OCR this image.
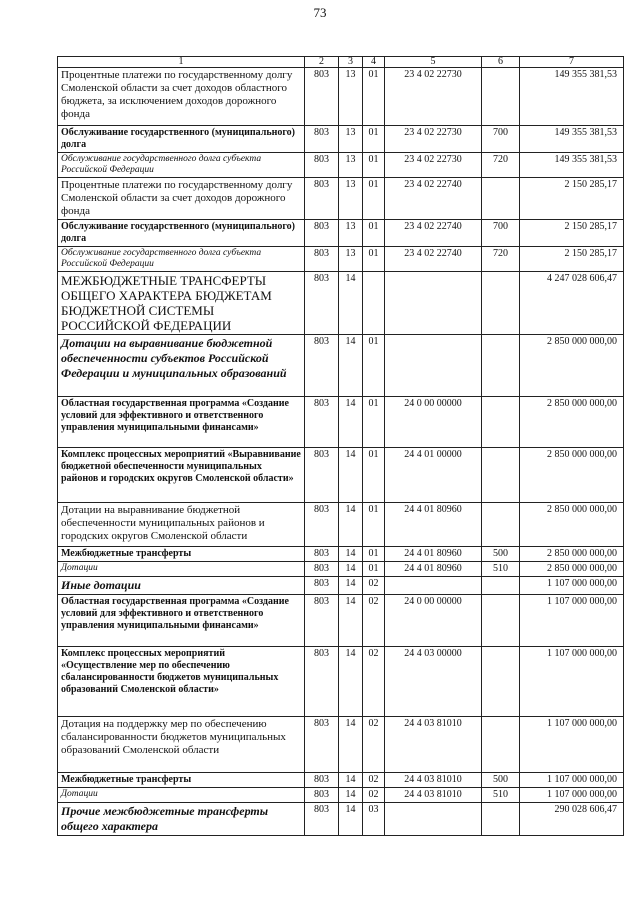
73
1	2	3	4	5	6	7
Процентные платежи по государственному долгу Смоленской области за счет доходов областного бюджета, за исключением доходов дорожного фонда	803	13	01	23 4 02 22730		149 355 381,53
Обслуживание государственного (муниципального) долга	803	13	01	23 4 02 22730	700	149 355 381,53
Обслуживание государственного долга субъекта Российской Федерации	803	13	01	23 4 02 22730	720	149 355 381,53
Процентные платежи по государственному долгу Смоленской области за счет доходов дорожного фонда	803	13	01	23 4 02 22740		2 150 285,17
Обслуживание государственного (муниципального) долга	803	13	01	23 4 02 22740	700	2 150 285,17
Обслуживание государственного долга субъекта Российской Федерации	803	13	01	23 4 02 22740	720	2 150 285,17
МЕЖБЮДЖЕТНЫЕ ТРАНСФЕРТЫ ОБЩЕГО ХАРАКТЕРА БЮДЖЕТАМ БЮДЖЕТНОЙ СИСТЕМЫ РОССИЙСКОЙ ФЕДЕРАЦИИ	803	14				4 247 028 606,47
Дотации на выравнивание бюджетной обеспеченности субъектов Российской Федерации и муниципальных образований	803	14	01			2 850 000 000,00
Областная государственная программа «Создание условий для эффективного и ответственного управления муниципальными финансами»	803	14	01	24 0 00 00000		2 850 000 000,00
Комплекс процессных мероприятий «Выравнивание бюджетной обеспеченности муниципальных районов и городских округов Смоленской области»	803	14	01	24 4 01 00000		2 850 000 000,00
Дотации на выравнивание бюджетной обеспеченности муниципальных районов и городских округов Смоленской области	803	14	01	24 4 01 80960		2 850 000 000,00
Межбюджетные трансферты	803	14	01	24 4 01 80960	500	2 850 000 000,00
Дотации	803	14	01	24 4 01 80960	510	2 850 000 000,00
Иные дотации	803	14	02			1 107 000 000,00
Областная государственная программа «Создание условий для эффективного и ответственного управления муниципальными финансами»	803	14	02	24 0 00 00000		1 107 000 000,00
Комплекс процессных мероприятий «Осуществление мер по обеспечению сбалансированности бюджетов муниципальных образований Смоленской области»	803	14	02	24 4 03 00000		1 107 000 000,00
Дотация на поддержку мер по обеспечению сбалансированности бюджетов муниципальных образований Смоленской области	803	14	02	24 4 03 81010		1 107 000 000,00
Межбюджетные трансферты	803	14	02	24 4 03 81010	500	1 107 000 000,00
Дотации	803	14	02	24 4 03 81010	510	1 107 000 000,00
Прочие межбюджетные трансферты общего характера	803	14	03			290 028 606,47
